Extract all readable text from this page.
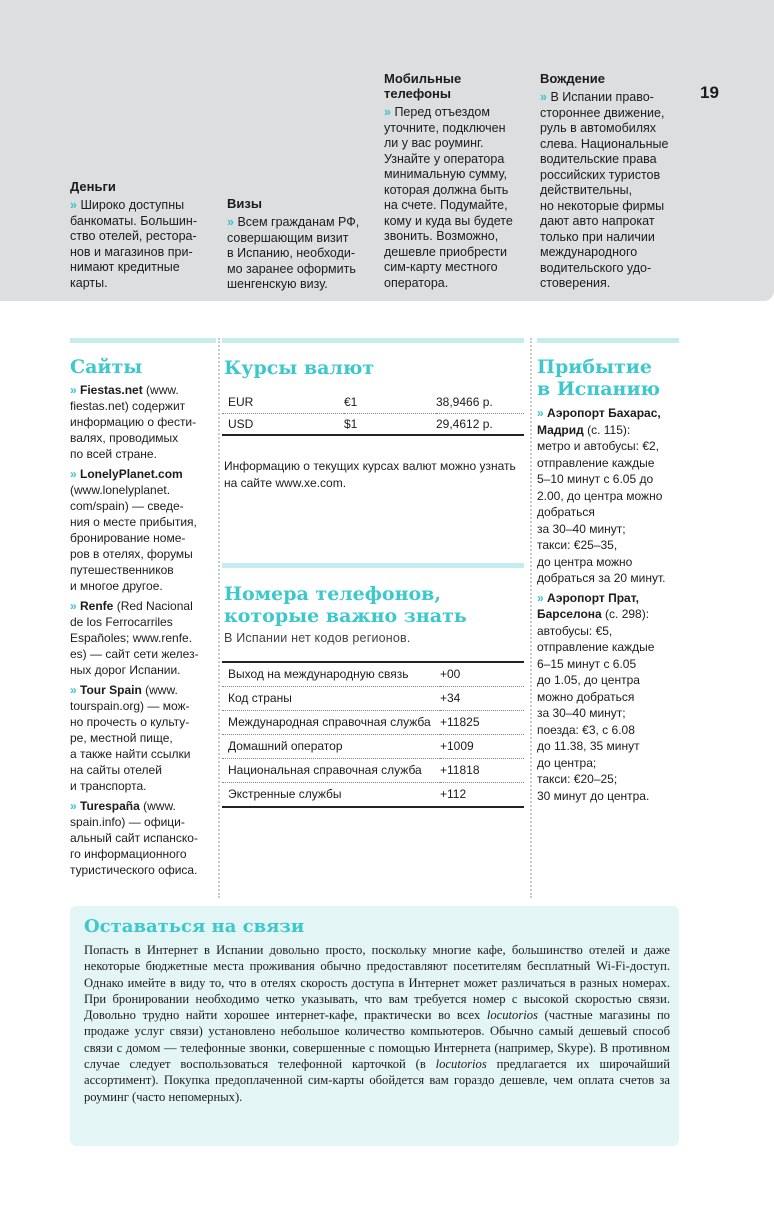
19
Деньги

» Широко доступны
банкоматы. Большин-
ство отелей, рестора-
нов и магазинов при-
нимают кредитные
карты.

Визы

» Всем гражданам РФ,
совершающим визит
в Испанию, необходи-
мо заранее оформить
шенгенскую визу.

Мобильные
телефоны

» Перед отъездом
уточните, подключен
ли у вас роуминг.
Узнайте у оператора
минимальную сумму,
которая должна быть
на счете. Подумайте,
кому и куда вы будете
звонить. Возможно,
дешевле приобрести
сим-карту местного
оператора.

Вождение

» В Испании право-
стороннее движение,
руль в автомобилях
слева. Национальные
водительские права
российских туристов
действительны,
но некоторые фирмы
дают авто напрокат
только при наличии
международного
водительского удо-
стоверения.

Сайты
» Fiestas.net (www.
fiestas.net) содержит
информацию о фести-
валях, проводимых
по всей стране.
» LonelyPlanet.com
(www.lonelyplanet.
com/spain) — сведе-
ния о месте прибытия,
бронирование номе-
ров в отелях, форумы
путешественников
и многое другое.
» Renfe (Red Nacional
de los Ferrocarriles
Españoles; www.renfe.
es) — сайт сети желез-
ных дорог Испании.
» Tour Spain (www.
tourspain.org) — мож-
но прочесть о культу-
ре, местной пище,
а также найти ссылки
на сайты отелей
и транспорта.
» Turespaña (www.
spain.info) — офици-
альный сайт испанско-
го информационного
туристического офиса.
Курсы валют
EUR	€1	38,9466 р.
USD	$1	29,4612 р.
Информацию о текущих курсах валют можно узнать на сайте www.xe.com.
Номера телефонов,
которые важно знать
В Испании нет кодов регионов.
Выход на международную связь	+00
Код страны	+34
Международная справочная служба	+11825
Домашний оператор	+1009
Национальная справочная служба	+11818
Экстренные службы	+112
Прибытие
в Испанию
» Аэропорт Бахарас,
Мадрид (с. 115):
метро и автобусы: €2,
отправление каждые
5–10 минут с 6.05 до
2.00, до центра можно
добраться
за 30–40 минут;
такси: €25–35,
до центра можно
добраться за 20 минут.
» Аэропорт Прат,
Барселона (с. 298):
автобусы: €5,
отправление каждые
6–15 минут с 6.05
до 1.05, до центра
можно добраться
за 30–40 минут;
поезда: €3, с 6.08
до 11.38, 35 минут
до центра;
такси: €20–25;
30 минут до центра.
Оставаться на связи
Попасть в Интернет в Испании довольно просто, поскольку многие кафе, большинство отелей и даже некоторые бюджетные места проживания обычно предоставляют посетителям бесплатный Wi-Fi-доступ. Однако имейте в виду то, что в отелях скорость доступа в Интернет может различаться в разных номерах. При бронировании необходимо четко указывать, что вам требуется номер с высокой скоростью связи. Довольно трудно найти хорошее интернет-кафе, практически во всех locutorios (частные магазины по продаже услуг связи) установлено небольшое количество компьютеров. Обычно самый дешевый способ связи с домом — телефонные звонки, совершенные с помощью Интернета (например, Skype). В противном случае следует воспользоваться телефонной карточкой (в locutorios предлагается их широчайший ассортимент). Покупка предоплаченной сим-карты обойдется вам гораздо дешевле, чем оплата счетов за роуминг (часто непомерных).
